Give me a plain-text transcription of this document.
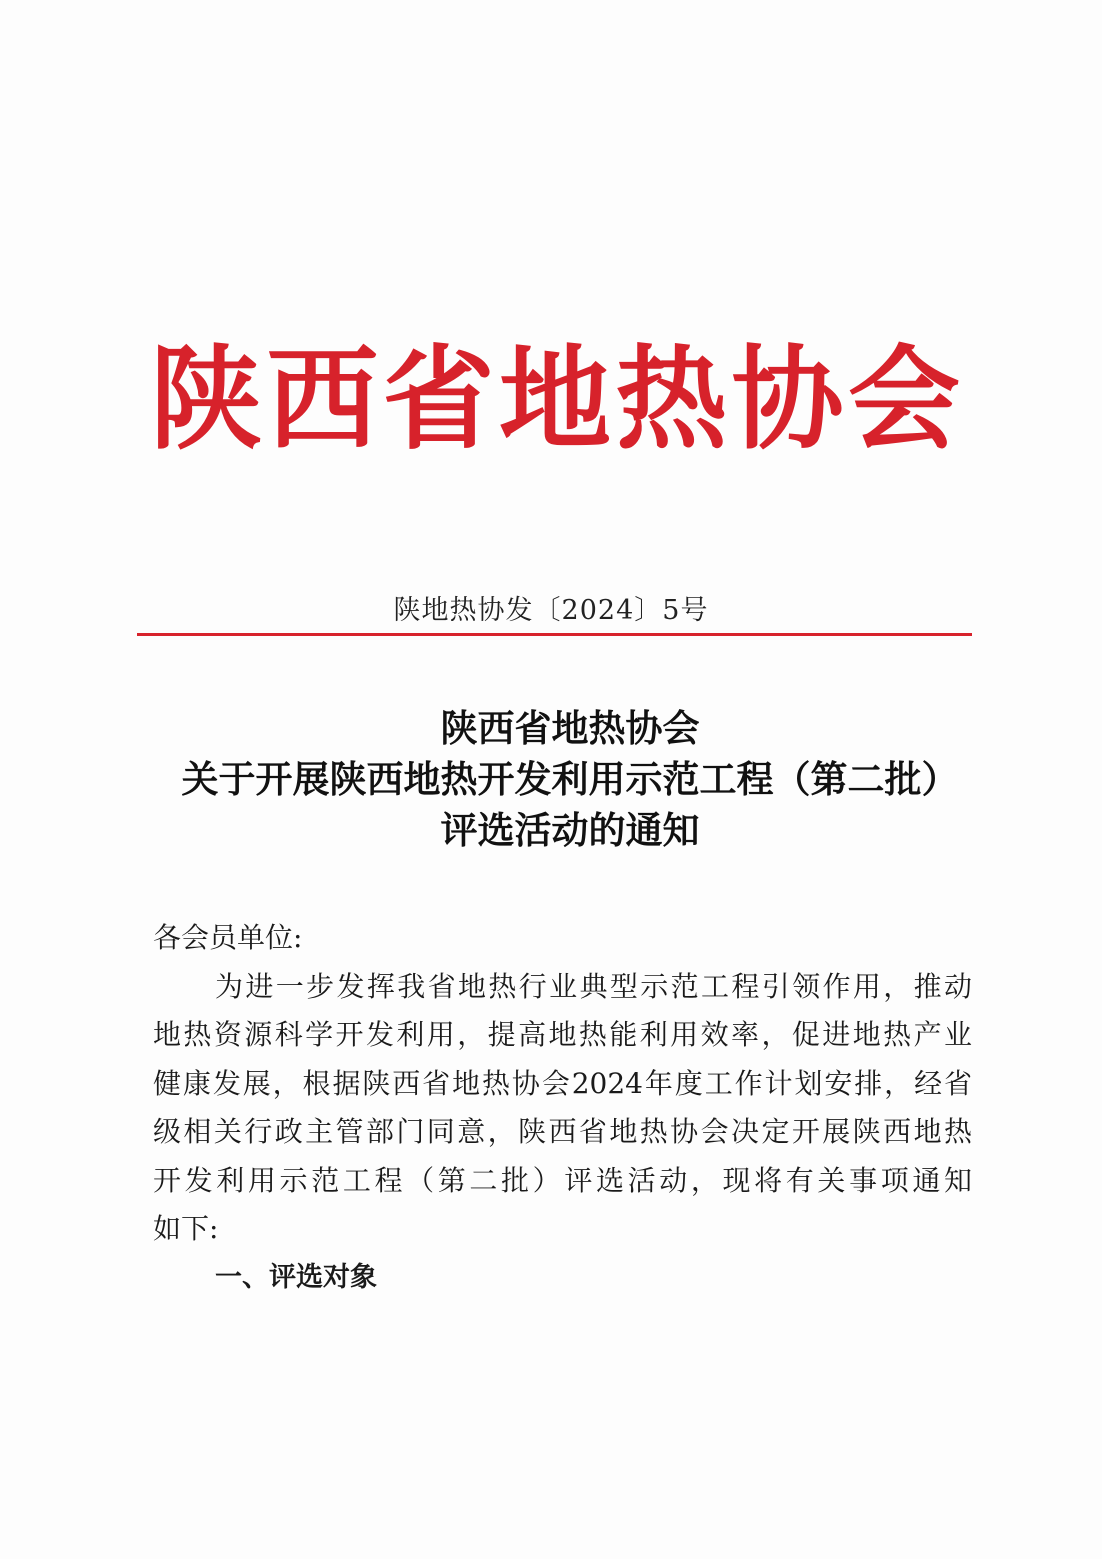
陕 西 省 地 热 协 会
陕地热协发〔2024〕5号
陕西省地热协会
关于开展陕西地热开发利用示范工程（第二批）
评选活动的通知
各会员单位:
为进一步发挥我省地热行业典型示范工程引领作用，推动
地热资源科学开发利用，提高地热能利用效率，促进地热产业
健康发展，根据陕西省地热协会2024年度工作计划安排，经省
级相关行政主管部门同意，陕西省地热协会决定开展陕西地热
开发利用示范工程（第二批）评选活动，现将有关事项通知
如下:
一、评选对象
